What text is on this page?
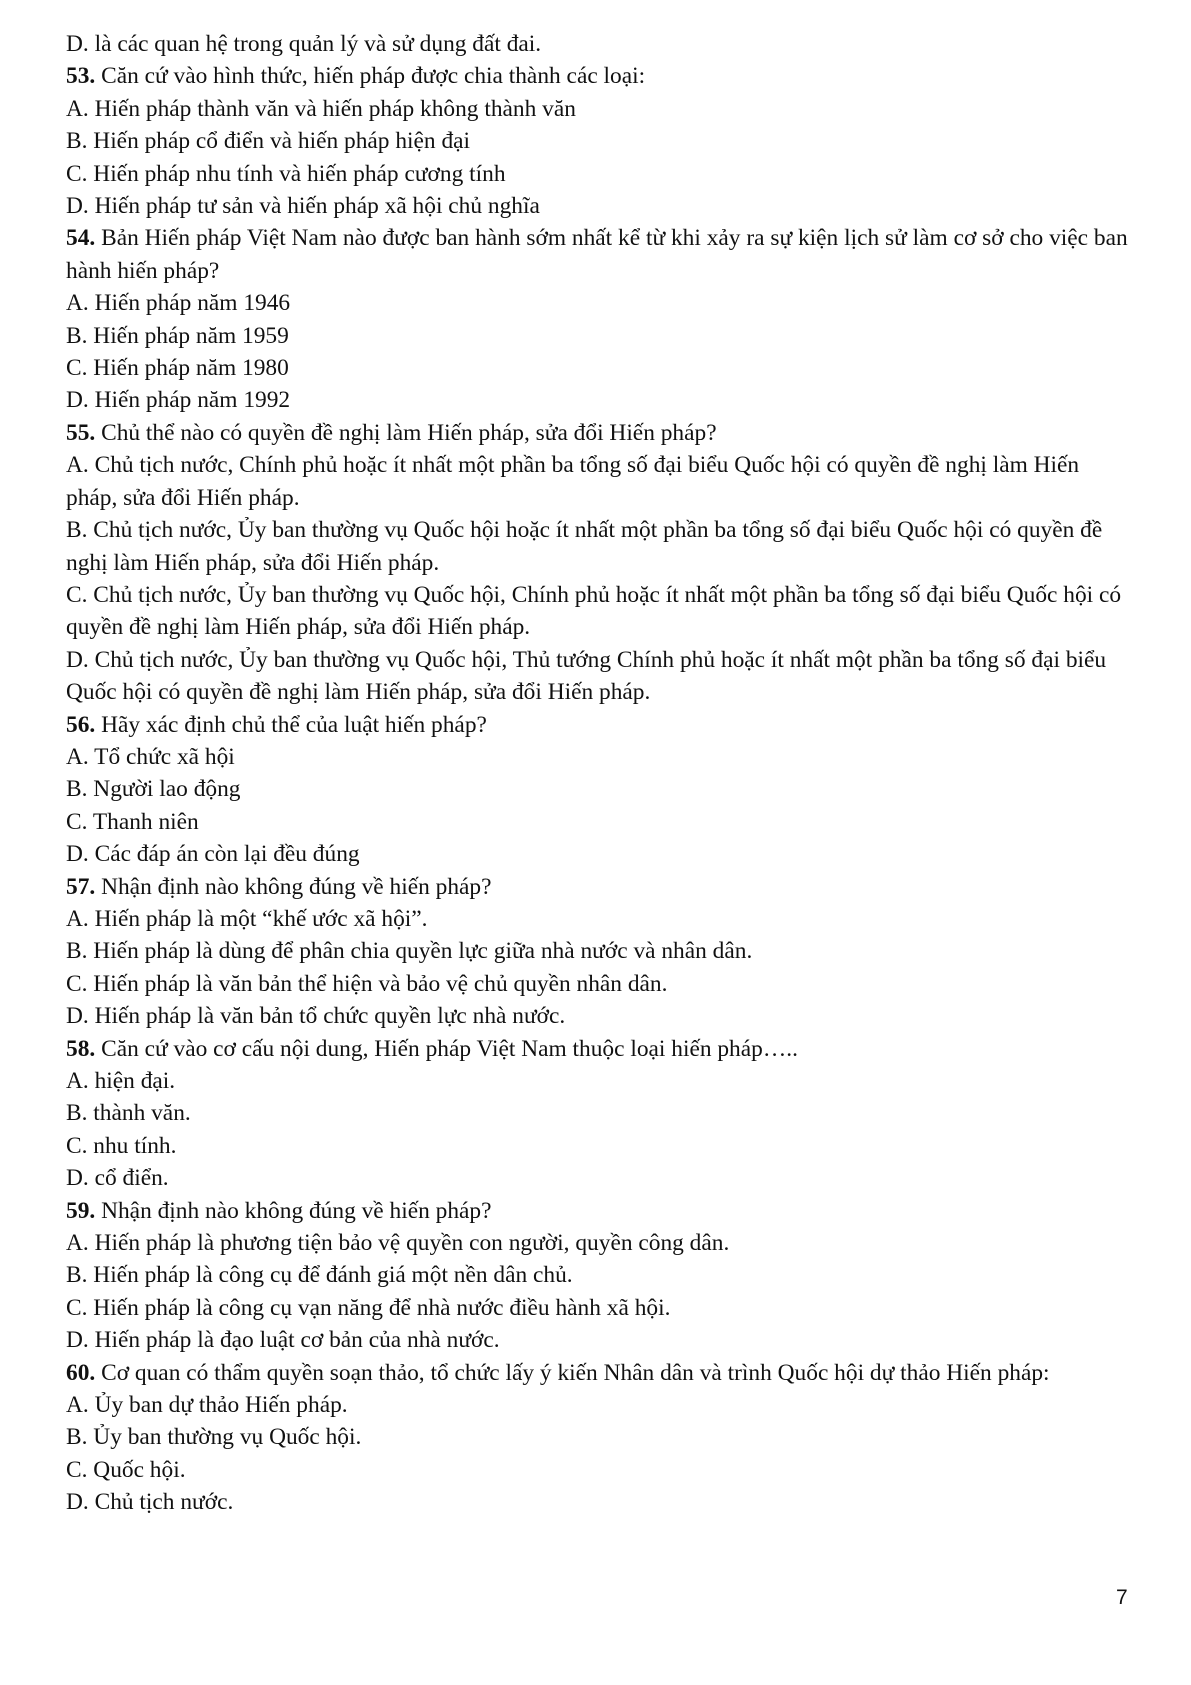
D. là các quan hệ trong quản lý và sử dụng đất đai.

53. Căn cứ vào hình thức, hiến pháp được chia thành các loại:

A. Hiến pháp thành văn và hiến pháp không thành văn

B. Hiến pháp cổ điển và hiến pháp hiện đại

C. Hiến pháp nhu tính và hiến pháp cương tính

D. Hiến pháp tư sản và hiến pháp xã hội chủ nghĩa

54. Bản Hiến pháp Việt Nam nào được ban hành sớm nhất kể từ khi xảy ra sự kiện lịch sử làm cơ sở cho việc ban hành hiến pháp?

A. Hiến pháp năm 1946

B. Hiến pháp năm 1959

C. Hiến pháp năm 1980

D. Hiến pháp năm 1992

55. Chủ thể nào có quyền đề nghị làm Hiến pháp, sửa đổi Hiến pháp?

A. Chủ tịch nước, Chính phủ hoặc ít nhất một phần ba tổng số đại biểu Quốc hội có quyền đề nghị làm Hiến pháp, sửa đổi Hiến pháp.

B. Chủ tịch nước, Ủy ban thường vụ Quốc hội hoặc ít nhất một phần ba tổng số đại biểu Quốc hội có quyền đề nghị làm Hiến pháp, sửa đổi Hiến pháp.

C. Chủ tịch nước, Ủy ban thường vụ Quốc hội, Chính phủ hoặc ít nhất một phần ba tổng số đại biểu Quốc hội có quyền đề nghị làm Hiến pháp, sửa đổi Hiến pháp.

D. Chủ tịch nước, Ủy ban thường vụ Quốc hội, Thủ tướng Chính phủ hoặc ít nhất một phần ba tổng số đại biểu Quốc hội có quyền đề nghị làm Hiến pháp, sửa đổi Hiến pháp.

56. Hãy xác định chủ thể của luật hiến pháp?

A. Tổ chức xã hội

B. Người lao động

C. Thanh niên

D. Các đáp án còn lại đều đúng

57. Nhận định nào không đúng về hiến pháp?

A. Hiến pháp là một “khế ước xã hội”.

B. Hiến pháp là dùng để phân chia quyền lực giữa nhà nước và nhân dân.

C. Hiến pháp là văn bản thể hiện và bảo vệ chủ quyền nhân dân.

D. Hiến pháp là văn bản tổ chức quyền lực nhà nước.

58. Căn cứ vào cơ cấu nội dung, Hiến pháp Việt Nam thuộc loại hiến pháp…..

A. hiện đại.

B. thành văn.

C. nhu tính.

D. cổ điển.

59. Nhận định nào không đúng về hiến pháp?

A. Hiến pháp là phương tiện bảo vệ quyền con người, quyền công dân.

B. Hiến pháp là công cụ để đánh giá một nền dân chủ.

C. Hiến pháp là công cụ vạn năng để nhà nước điều hành xã hội.

D. Hiến pháp là đạo luật cơ bản của nhà nước.

60. Cơ quan có thẩm quyền soạn thảo, tổ chức lấy ý kiến Nhân dân và trình Quốc hội dự thảo Hiến pháp:

A. Ủy ban dự thảo Hiến pháp.

B. Ủy ban thường vụ Quốc hội.

C. Quốc hội.

D. Chủ tịch nước.

7
